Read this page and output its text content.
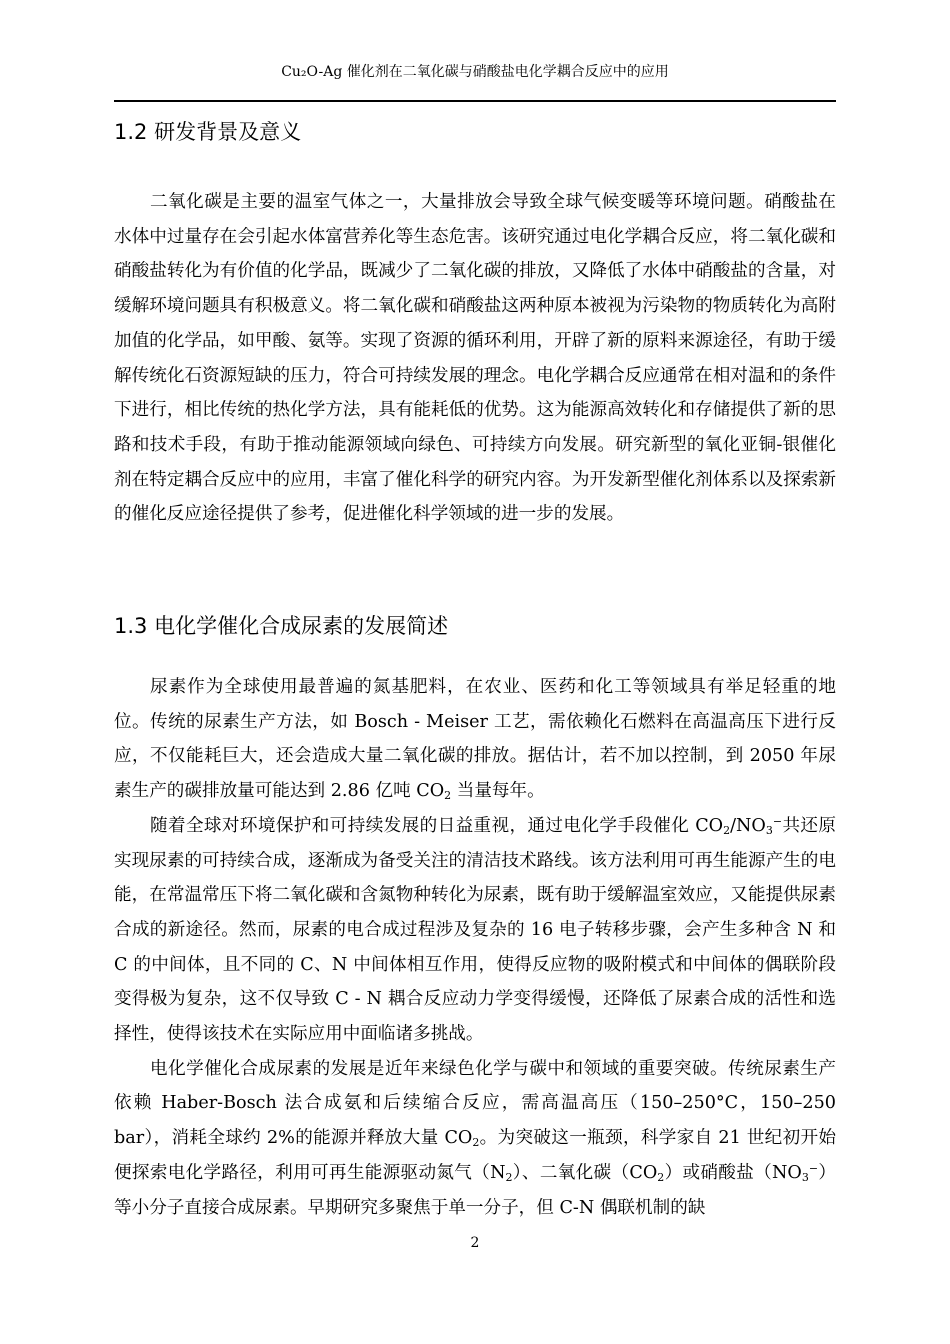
Cu₂O-Ag 催化剂在二氧化碳与硝酸盐电化学耦合反应中的应用
1.2 研发背景及意义

二氧化碳是主要的温室气体之一，大量排放会导致全球气候变暖等环境问题。硝酸盐在水体中过量存在会引起水体富营养化等生态危害。该研究通过电化学耦合反应，将二氧化碳和硝酸盐转化为有价值的化学品，既减少了二氧化碳的排放，又降低了水体中硝酸盐的含量，对缓解环境问题具有积极意义。将二氧化碳和硝酸盐这两种原本被视为污染物的物质转化为高附加值的化学品，如甲酸、氨等。实现了资源的循环利用，开辟了新的原料来源途径，有助于缓解传统化石资源短缺的压力，符合可持续发展的理念。电化学耦合反应通常在相对温和的条件下进行，相比传统的热化学方法，具有能耗低的优势。这为能源高效转化和存储提供了新的思路和技术手段，有助于推动能源领域向绿色、可持续方向发展。研究新型的氧化亚铜-银催化剂在特定耦合反应中的应用，丰富了催化科学的研究内容。为开发新型催化剂体系以及探索新的催化反应途径提供了参考，促进催化科学领域的进一步的发展。

1.3 电化学催化合成尿素的发展简述

尿素作为全球使用最普遍的氮基肥料，在农业、医药和化工等领域具有举足轻重的地位。传统的尿素生产方法，如 Bosch - Meiser 工艺，需依赖化石燃料在高温高压下进行反应，不仅能耗巨大，还会造成大量二氧化碳的排放。据估计，若不加以控制，到 2050 年尿素生产的碳排放量可能达到 2.86 亿吨 $CO_2$ 当量每年。

随着全球对环境保护和可持续发展的日益重视，通过电化学手段催化 $CO_2/NO_3^-$共还原实现尿素的可持续合成，逐渐成为备受关注的清洁技术路线。该方法利用可再生能源产生的电能，在常温常压下将二氧化碳和含氮物种转化为尿素，既有助于缓解温室效应，又能提供尿素合成的新途径。然而，尿素的电合成过程涉及复杂的 16 电子转移步骤，会产生多种含 N 和 C 的中间体，且不同的 C、N 中间体相互作用，使得反应物的吸附模式和中间体的偶联阶段变得极为复杂，这不仅导致 C - N 耦合反应动力学变得缓慢，还降低了尿素合成的活性和选择性，使得该技术在实际应用中面临诸多挑战。

电化学催化合成尿素的发展是近年来绿色化学与碳中和领域的重要突破。传统尿素生产依赖 Haber-Bosch 法合成氨和后续缩合反应，需高温高压（150–250°C，150–250 bar），消耗全球约 2%的能源并释放大量 $CO_2$。为突破这一瓶颈，科学家自 21 世纪初开始便探索电化学路径，利用可再生能源驱动氮气$(N_2)$、二氧化碳$(CO_2)$或硝酸盐$(NO_3^-)$等小分子直接合成尿素。早期研究多聚焦于单一分子，但 C-N 偶联机制的缺

2
